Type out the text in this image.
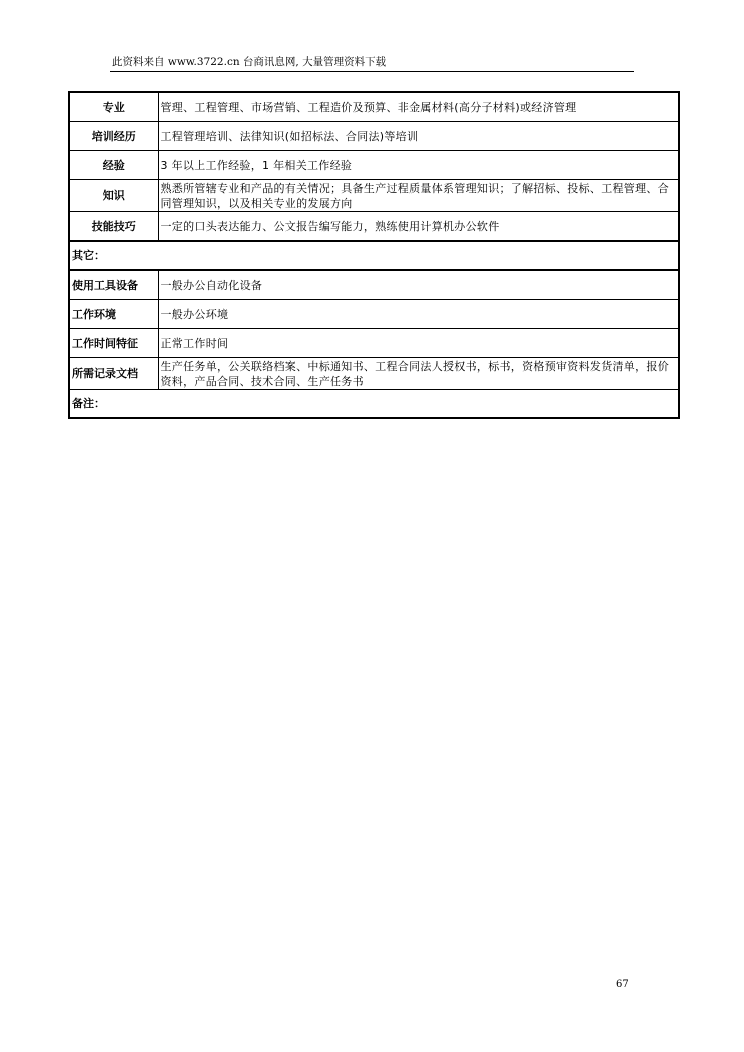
此资料来自 www.3722.cn 台商讯息网, 大量管理资料下载
专业	管理、工程管理、市场营销、工程造价及预算、非金属材料(高分子材料)或经济管理
培训经历	工程管理培训、法律知识(如招标法、合同法)等培训
经验	3 年以上工作经验，1 年相关工作经验
知识	熟悉所管辖专业和产品的有关情况；具备生产过程质量体系管理知识；了解招标、投标、工程管理、合同管理知识，以及相关专业的发展方向
技能技巧	一定的口头表达能力、公文报告编写能力，熟练使用计算机办公软件
其它：	
使用工具设备	一般办公自动化设备
工作环境	一般办公环境
工作时间特征	正常工作时间
所需记录文档	生产任务单，公关联络档案、中标通知书、工程合同法人授权书，标书，资格预审资料发货清单，报价资料，产品合同、技术合同、生产任务书
备注：	
67
